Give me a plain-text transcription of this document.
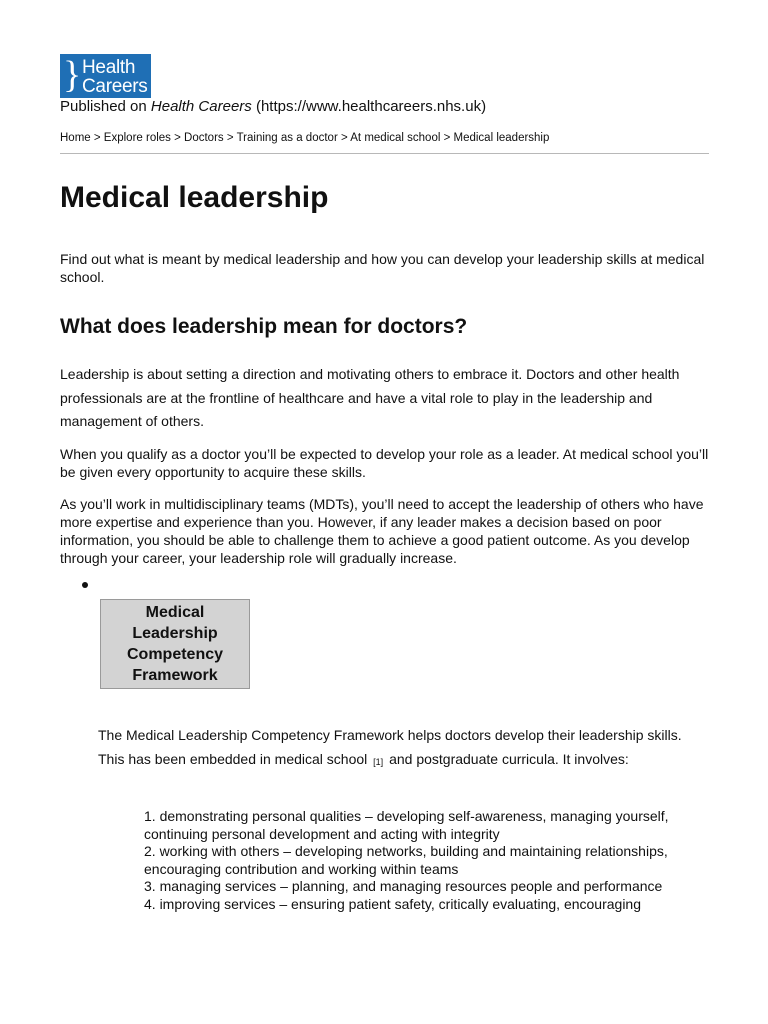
} Health
Careers
Published on Health Careers (https://www.healthcareers.nhs.uk)
Home > Explore roles > Doctors > Training as a doctor > At medical school > Medical leadership
Medical leadership

Find out what is meant by medical leadership and how you can develop your leadership skills at medical school.

What does leadership mean for doctors?

Leadership is about setting a direction and motivating others to embrace it. Doctors and other health professionals are at the frontline of healthcare and have a vital role to play in the leadership and management of others.

When you qualify as a doctor you’ll be expected to develop your role as a leader. At medical school you’ll be given every opportunity to acquire these skills.

As you’ll work in multidisciplinary teams (MDTs), you’ll need to accept the leadership of others who have more expertise and experience than you. However, if any leader makes a decision based on poor information, you should be able to challenge them to achieve a good patient outcome. As you develop through your career, your leadership role will gradually increase.

Medical Leadership Competency Framework

The Medical Leadership Competency Framework helps doctors develop their leadership skills. This has been embedded in medical school [1] and postgraduate curricula. It involves:

1. demonstrating personal qualities – developing self-awareness, managing yourself, continuing personal development and acting with integrity
2. working with others – developing networks, building and maintaining relationships, encouraging contribution and working within teams
3. managing services – planning, and managing resources people and performance
4. improving services – ensuring patient safety, critically evaluating, encouraging
